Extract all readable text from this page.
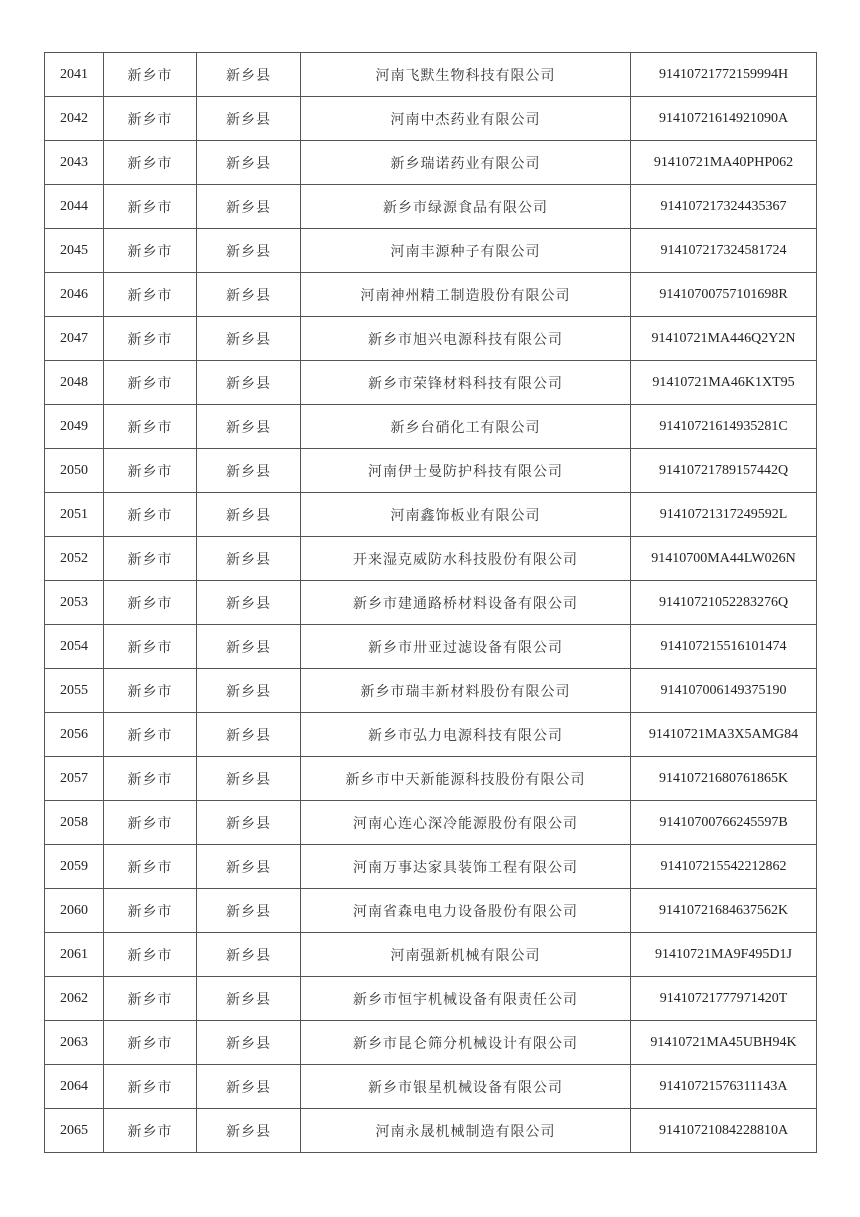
2041	新乡市	新乡县	河南飞默生物科技有限公司	91410721772159994H
2042	新乡市	新乡县	河南中杰药业有限公司	91410721614921090A
2043	新乡市	新乡县	新乡瑞诺药业有限公司	91410721MA40PHP062
2044	新乡市	新乡县	新乡市绿源食品有限公司	914107217324435367
2045	新乡市	新乡县	河南丰源种子有限公司	914107217324581724
2046	新乡市	新乡县	河南神州精工制造股份有限公司	91410700757101698R
2047	新乡市	新乡县	新乡市旭兴电源科技有限公司	91410721MA446Q2Y2N
2048	新乡市	新乡县	新乡市荣锋材料科技有限公司	91410721MA46K1XT95
2049	新乡市	新乡县	新乡台硝化工有限公司	91410721614935281C
2050	新乡市	新乡县	河南伊士曼防护科技有限公司	91410721789157442Q
2051	新乡市	新乡县	河南鑫饰板业有限公司	91410721317249592L
2052	新乡市	新乡县	开来湿克威防水科技股份有限公司	91410700MA44LW026N
2053	新乡市	新乡县	新乡市建通路桥材料设备有限公司	91410721052283276Q
2054	新乡市	新乡县	新乡市卅亚过滤设备有限公司	914107215516101474
2055	新乡市	新乡县	新乡市瑞丰新材料股份有限公司	914107006149375190
2056	新乡市	新乡县	新乡市弘力电源科技有限公司	91410721MA3X5AMG84
2057	新乡市	新乡县	新乡市中天新能源科技股份有限公司	91410721680761865K
2058	新乡市	新乡县	河南心连心深冷能源股份有限公司	91410700766245597B
2059	新乡市	新乡县	河南万事达家具装饰工程有限公司	914107215542212862
2060	新乡市	新乡县	河南省森电电力设备股份有限公司	91410721684637562K
2061	新乡市	新乡县	河南强新机械有限公司	91410721MA9F495D1J
2062	新乡市	新乡县	新乡市恒宇机械设备有限责任公司	91410721777971420T
2063	新乡市	新乡县	新乡市昆仑筛分机械设计有限公司	91410721MA45UBH94K
2064	新乡市	新乡县	新乡市银星机械设备有限公司	91410721576311143A
2065	新乡市	新乡县	河南永晟机械制造有限公司	91410721084228810A
